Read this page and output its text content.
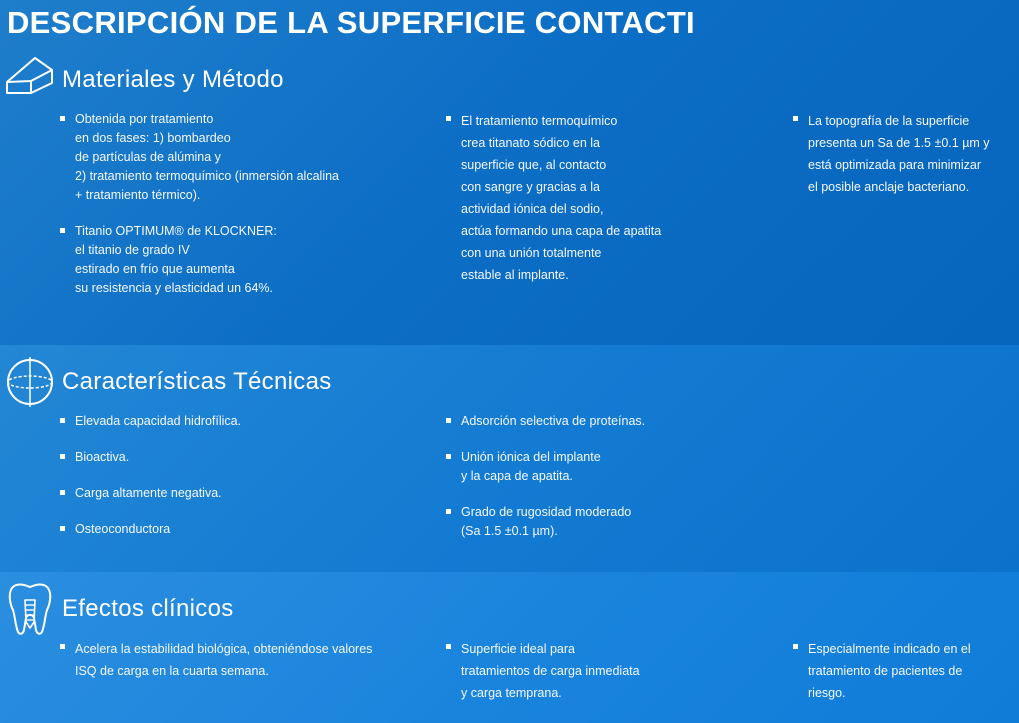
DESCRIPCIÓN DE LA SUPERFICIE CONTACTI
Materiales y Método
Obtenida por tratamiento
en dos fases: 1) bombardeo
de partículas de alúmina y
2) tratamiento termoquímico (inmersión alcalina
+ tratamiento térmico).
Titanio OPTIMUM® de KLOCKNER:
el titanio de grado IV
estirado en frío que aumenta
su resistencia y elasticidad un 64%.
El tratamiento termoquímico
crea titanato sódico en la
superficie que, al contacto
con sangre y gracias a la
actividad iónica del sodio,
actúa formando una capa de apatita
con una unión totalmente
estable al implante.
La topografía de la superficie
presenta un Sa de 1.5 ±0.1 µm y
está optimizada para minimizar
el posible anclaje bacteriano.
Características Técnicas
Elevada capacidad hidrofílica.
Bioactiva.
Carga altamente negativa.
Osteoconductora
Adsorción selectiva de proteínas.
Unión iónica del implante
y la capa de apatita.
Grado de rugosidad moderado
(Sa 1.5 ±0.1 µm).
Efectos clínicos
Acelera la estabilidad biológica, obteniéndose valores
ISQ de carga en la cuarta semana.
Superficie ideal para
tratamientos de carga inmediata
y carga temprana.
Especialmente indicado en el
tratamiento de pacientes de
riesgo.
